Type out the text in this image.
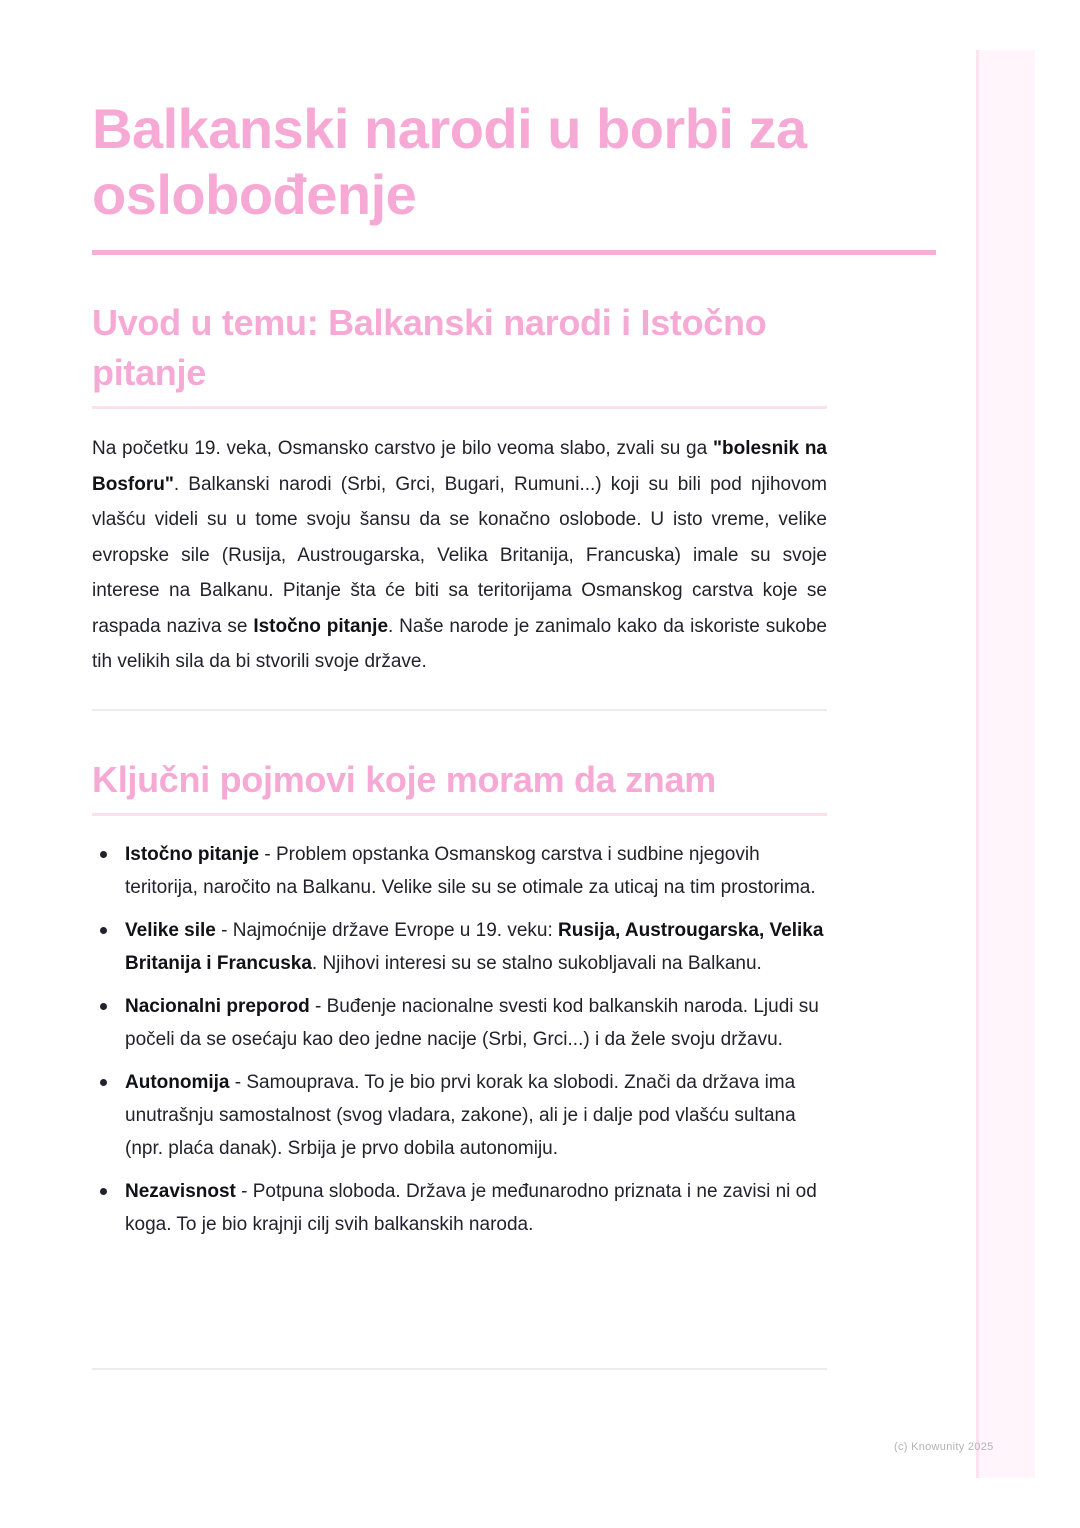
Balkanski narodi u borbi za oslobođenje
Uvod u temu: Balkanski narodi i Istočno pitanje

Na početku 19. veka, Osmansko carstvo je bilo veoma slabo, zvali su ga "bolesnik na Bosforu". Balkanski narodi (Srbi, Grci, Bugari, Rumuni...) koji su bili pod njihovom vlašću videli su u tome svoju šansu da se konačno oslobode. U isto vreme, velike evropske sile (Rusija, Austrougarska, Velika Britanija, Francuska) imale su svoje interese na Balkanu. Pitanje šta će biti sa teritorijama Osmanskog carstva koje se raspada naziva se Istočno pitanje. Naše narode je zanimalo kako da iskoriste sukobe tih velikih sila da bi stvorili svoje države.

Ključni pojmovi koje moram da znam
Istočno pitanje - Problem opstanka Osmanskog carstva i sudbine njegovih teritorija, naročito na Balkanu. Velike sile su se otimale za uticaj na tim prostorima.
Velike sile - Najmoćnije države Evrope u 19. veku: Rusija, Austrougarska, Velika Britanija i Francuska. Njihovi interesi su se stalno sukobljavali na Balkanu.
Nacionalni preporod - Buđenje nacionalne svesti kod balkanskih naroda. Ljudi su počeli da se osećaju kao deo jedne nacije (Srbi, Grci...) i da žele svoju državu.
Autonomija - Samouprava. To je bio prvi korak ka slobodi. Znači da država ima unutrašnju samostalnost (svog vladara, zakone), ali je i dalje pod vlašću sultana (npr. plaća danak). Srbija je prvo dobila autonomiju.
Nezavisnost - Potpuna sloboda. Država je međunarodno priznata i ne zavisi ni od koga. To je bio krajnji cilj svih balkanskih naroda.
(c) Knowunity 2025
